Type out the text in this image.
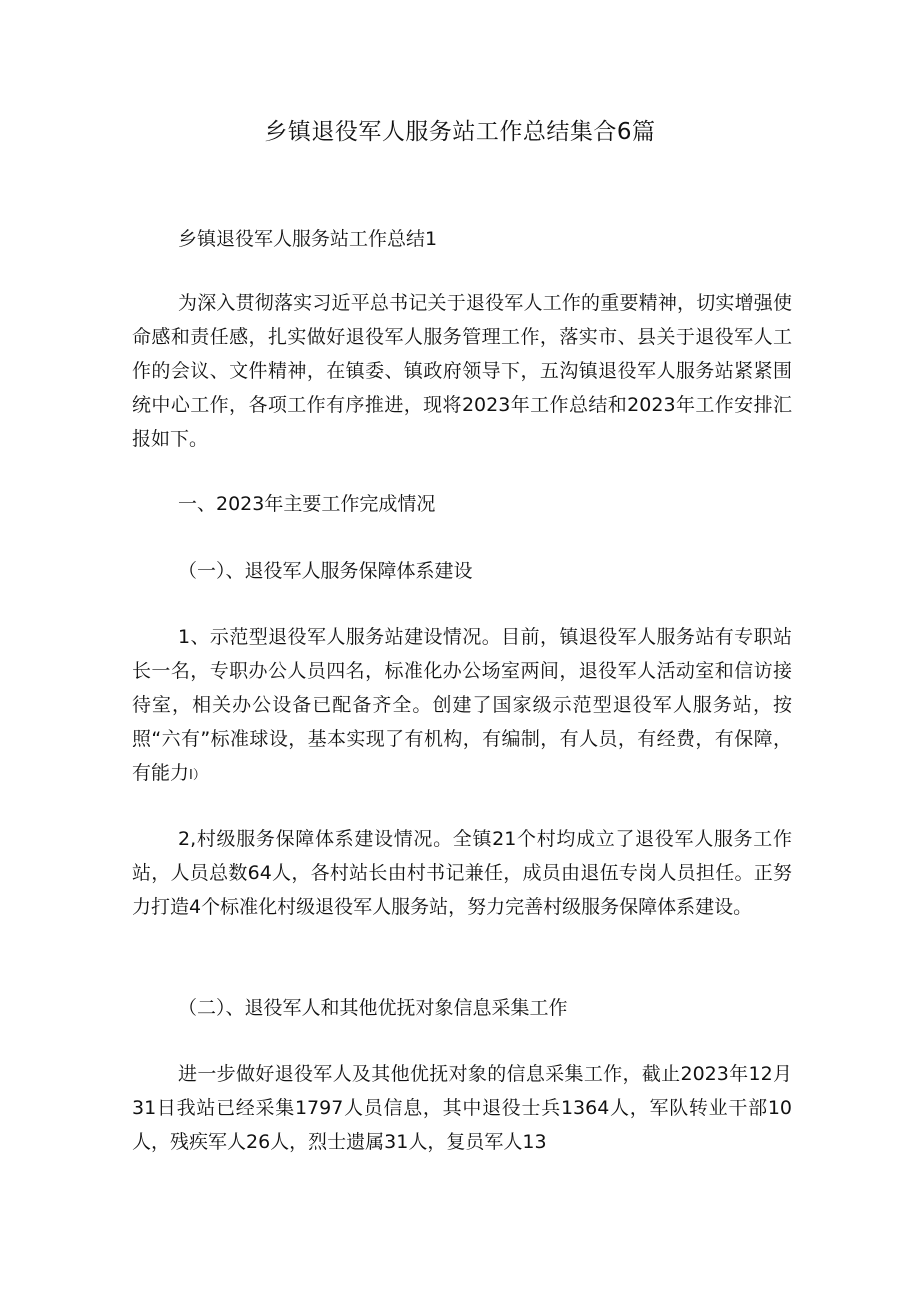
乡镇退役军人服务站工作总结集合6篇

乡镇退役军人服务站工作总结1

为深入贯彻落实习近平总书记关于退役军人工作的重要精神，切实增强使命感和责任感，扎实做好退役军人服务管理工作，落实市、县关于退役军人工作的会议、文件精神，在镇委、镇政府领导下，五沟镇退役军人服务站紧紧围统中心工作，各项工作有序推进，现将2023年工作总结和2023年工作安排汇报如下。

一、2023年主要工作完成情况

（一）、退役军人服务保障体系建设

1、示范型退役军人服务站建设情况。目前，镇退役军人服务站有专职站长一名，专职办公人员四名，标准化办公场室两间，退役军人活动室和信访接待室，相关办公设备已配备齐全。创建了国家级示范型退役军人服务站，按照“六有”标准球设，基本实现了有机构，有编制，有人员，有经费，有保障，有能力I）

2,村级服务保障体系建设情况。全镇21个村均成立了退役军人服务工作站，人员总数64人，各村站长由村书记兼任，成员由退伍专岗人员担任。正努力打造4个标准化村级退役军人服务站，努力完善村级服务保障体系建设。

（二）、退役军人和其他优抚对象信息采集工作

进一步做好退役军人及其他优抚对象的信息采集工作，截止2023年12月31日我站已经采集1797人员信息，其中退役士兵1364人，军队转业干部10人，残疾军人26人，烈士遗属31人，复员军人13
